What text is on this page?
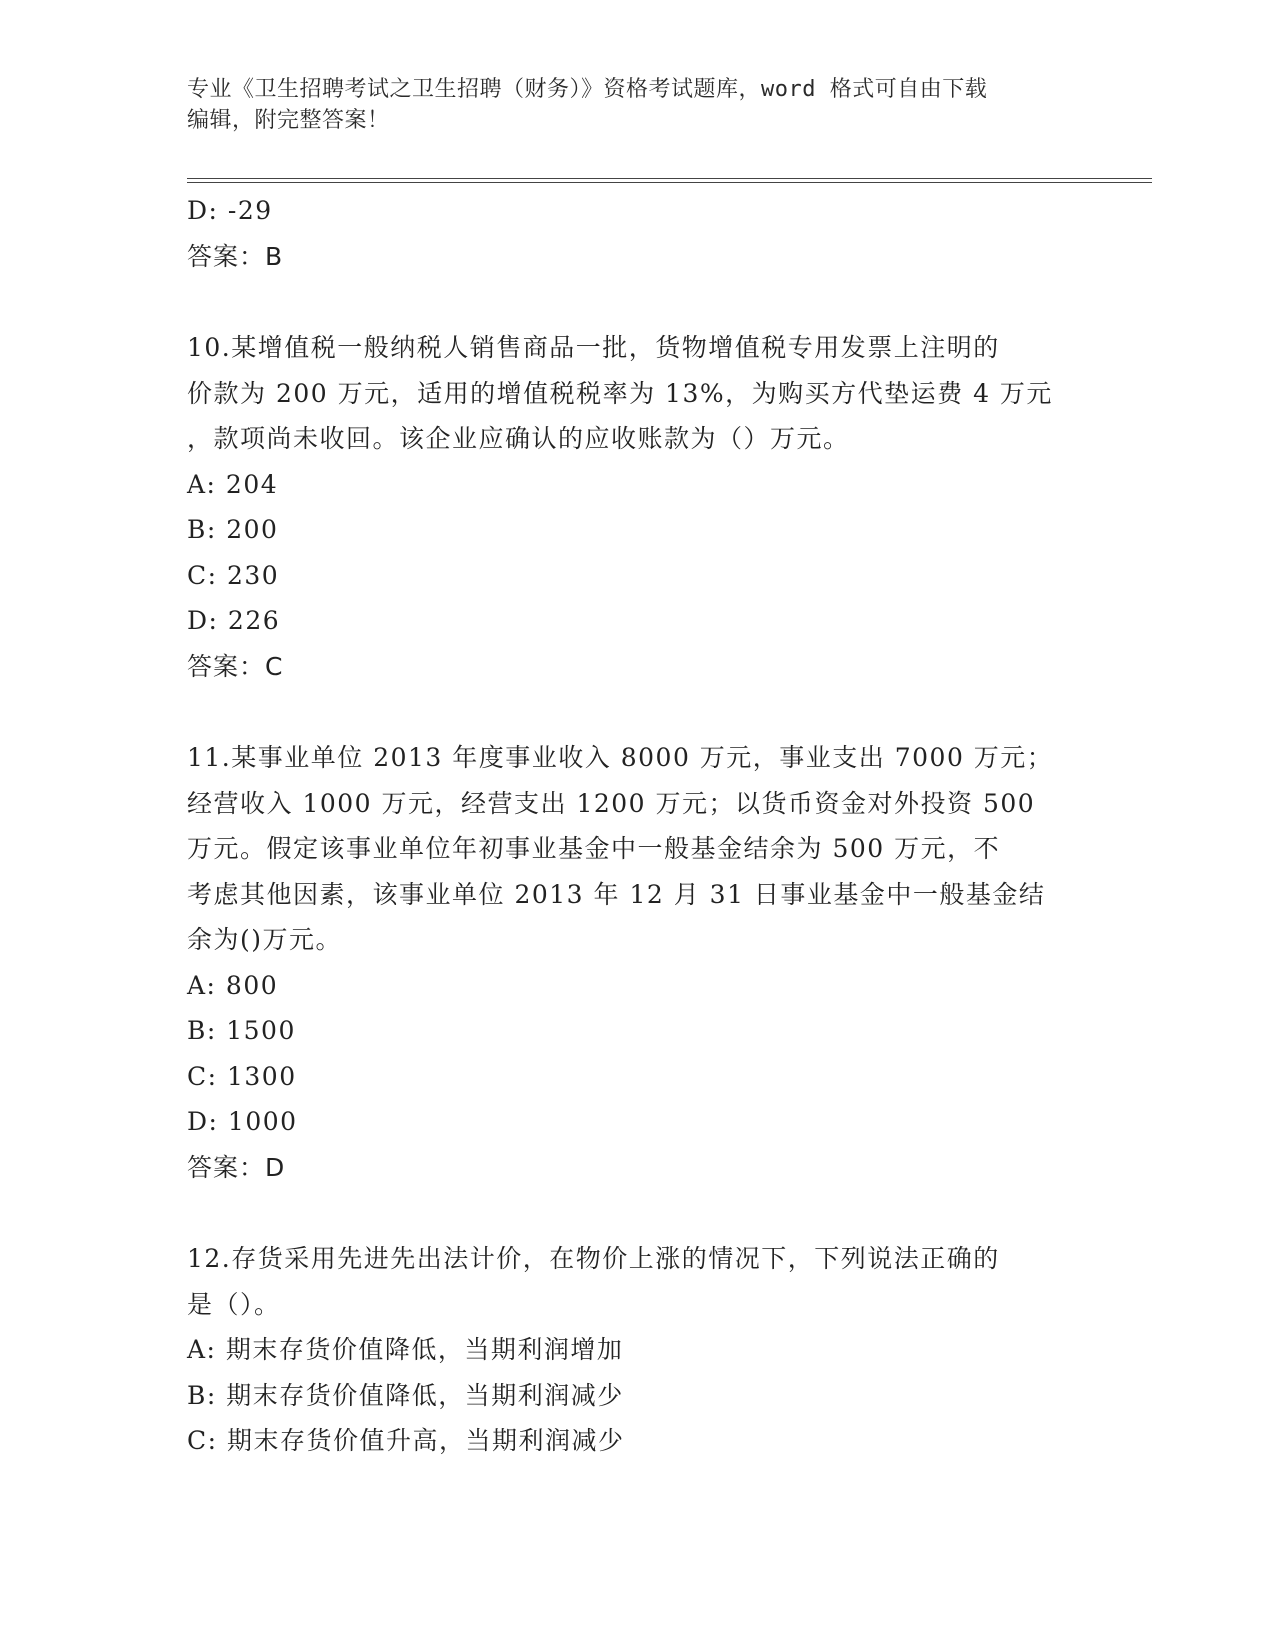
专业《卫生招聘考试之卫生招聘（财务）》资格考试题库，word 格式可自由下载
编辑，附完整答案！
D: -29
答案：B
10.某增值税一般纳税人销售商品一批，货物增值税专用发票上注明的
价款为 200 万元，适用的增值税税率为 13%，为购买方代垫运费 4 万元
，款项尚未收回。该企业应确认的应收账款为（）万元。
A: 204
B: 200
C: 230
D: 226
答案：C
11.某事业单位 2013 年度事业收入 8000 万元，事业支出 7000 万元；
经营收入 1000 万元，经营支出 1200 万元；以货币资金对外投资 500
万元。假定该事业单位年初事业基金中一般基金结余为 500 万元，不
考虑其他因素，该事业单位 2013 年 12 月 31 日事业基金中一般基金结
余为()万元。
A: 800
B: 1500
C: 1300
D: 1000
答案：D
12.存货采用先进先出法计价，在物价上涨的情况下，下列说法正确的
是（）。
A: 期末存货价值降低，当期利润增加
B: 期末存货价值降低，当期利润减少
C: 期末存货价值升高，当期利润减少
